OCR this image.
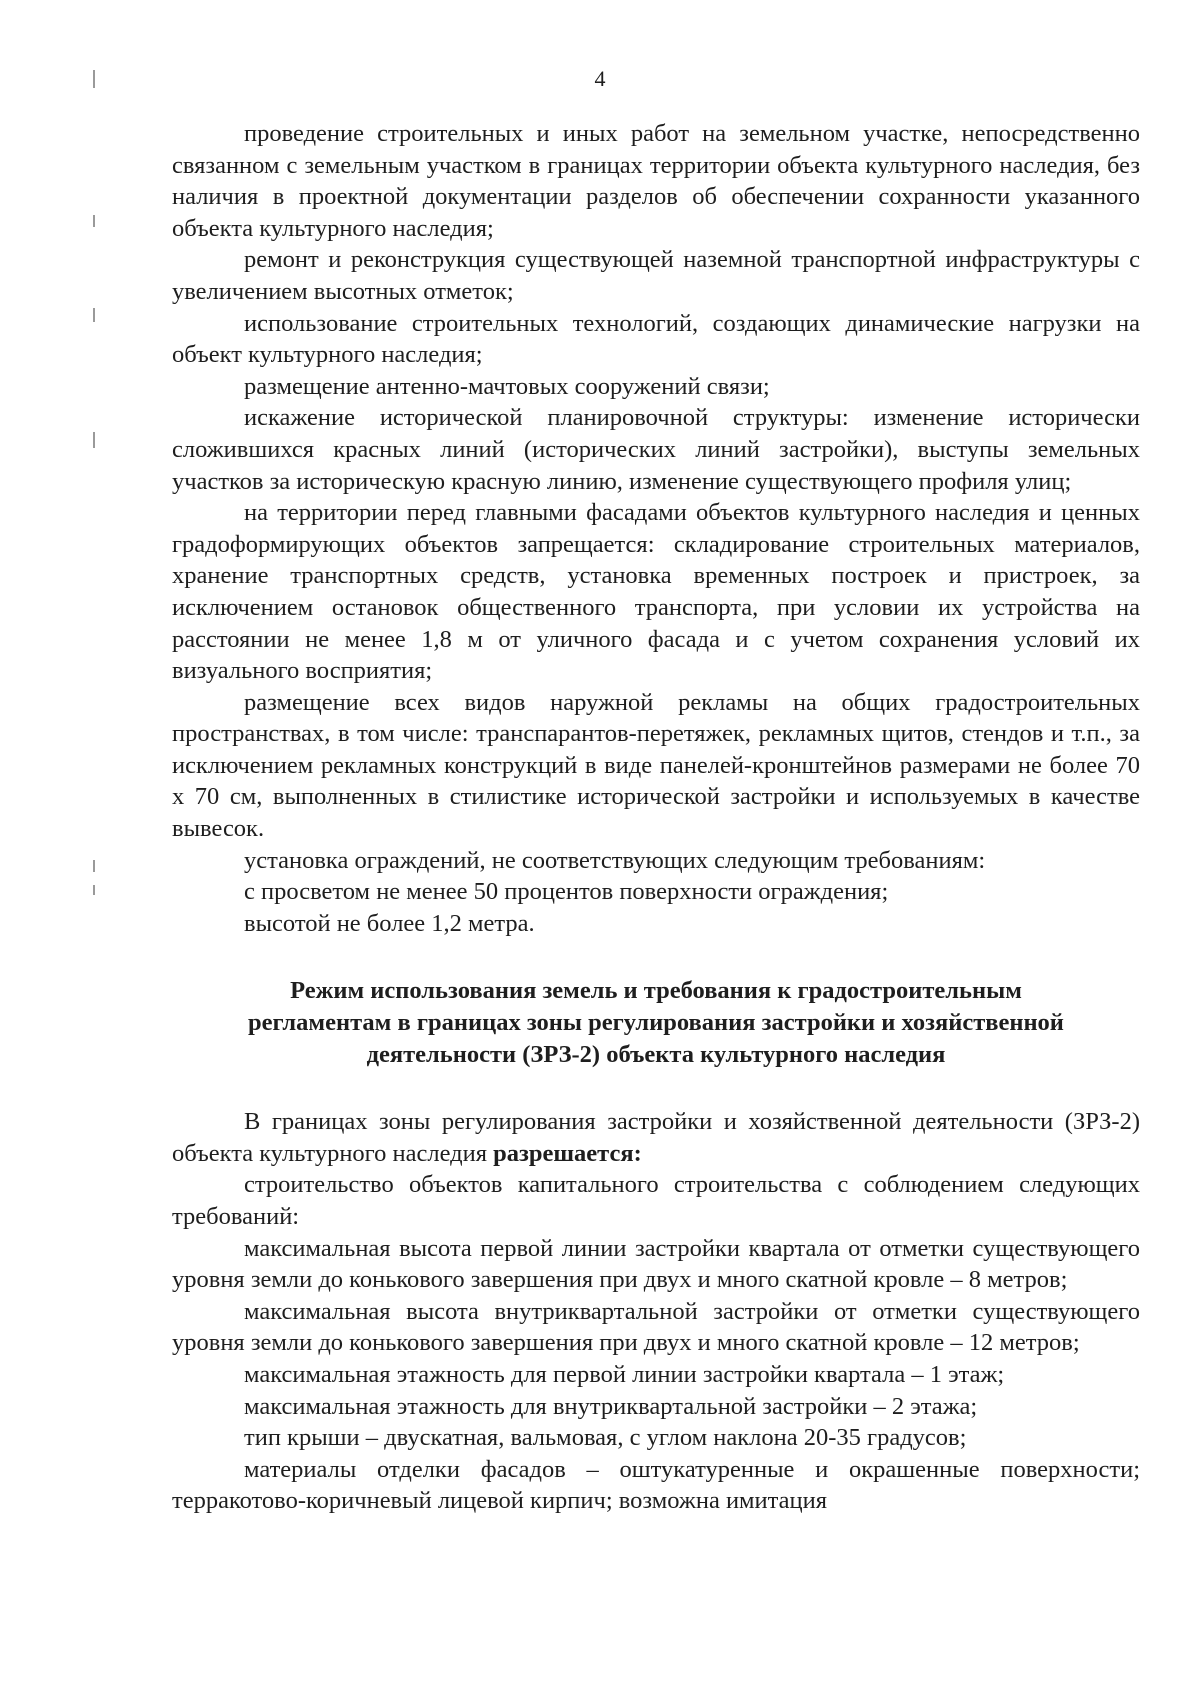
4

проведение строительных и иных работ на земельном участке, непосредственно связанном с земельным участком в границах территории объекта культурного наследия, без наличия в проектной документации разделов об обеспечении сохранности указанного объекта культурного наследия;

ремонт и реконструкция существующей наземной транспортной инфраструктуры с увеличением высотных отметок;

использование строительных технологий, создающих динамические нагрузки на объект культурного наследия;

размещение антенно-мачтовых сооружений связи;

искажение исторической планировочной структуры: изменение исторически сложившихся красных линий (исторических линий застройки), выступы земельных участков за историческую красную линию, изменение существующего профиля улиц;

на территории перед главными фасадами объектов культурного наследия и ценных градоформирующих объектов запрещается: складирование строительных материалов, хранение транспортных средств, установка временных построек и пристроек, за исключением остановок общественного транспорта, при условии их устройства на расстоянии не менее 1,8 м от уличного фасада и с учетом сохранения условий их визуального восприятия;

размещение всех видов наружной рекламы на общих градостроительных пространствах, в том числе: транспарантов-перетяжек, рекламных щитов, стендов и т.п., за исключением рекламных конструкций в виде панелей-кронштейнов размерами не более 70 х 70 см, выполненных в стилистике исторической застройки и используемых в качестве вывесок.

установка ограждений, не соответствующих следующим требованиям:

с просветом не менее 50 процентов поверхности ограждения;

высотой не более 1,2 метра.

Режим использования земель и требования к градостроительным
регламентам в границах зоны регулирования застройки и хозяйственной
деятельности (ЗРЗ-2) объекта культурного наследия

В границах зоны регулирования застройки и хозяйственной деятельности (ЗРЗ-2) объекта культурного наследия разрешается:

строительство объектов капитального строительства с соблюдением следующих требований:

максимальная высота первой линии застройки квартала от отметки существующего уровня земли до конькового завершения при двух и много скатной кровле – 8 метров;

максимальная высота внутриквартальной застройки от отметки существующего уровня земли до конькового завершения при двух и много скатной кровле – 12 метров;

максимальная этажность для первой линии застройки квартала – 1 этаж;

максимальная этажность для внутриквартальной застройки – 2 этажа;

тип крыши – двускатная, вальмовая, с углом наклона 20-35 градусов;

материалы отделки фасадов – оштукатуренные и окрашенные поверхности; терракотово-коричневый лицевой кирпич; возможна имитация
